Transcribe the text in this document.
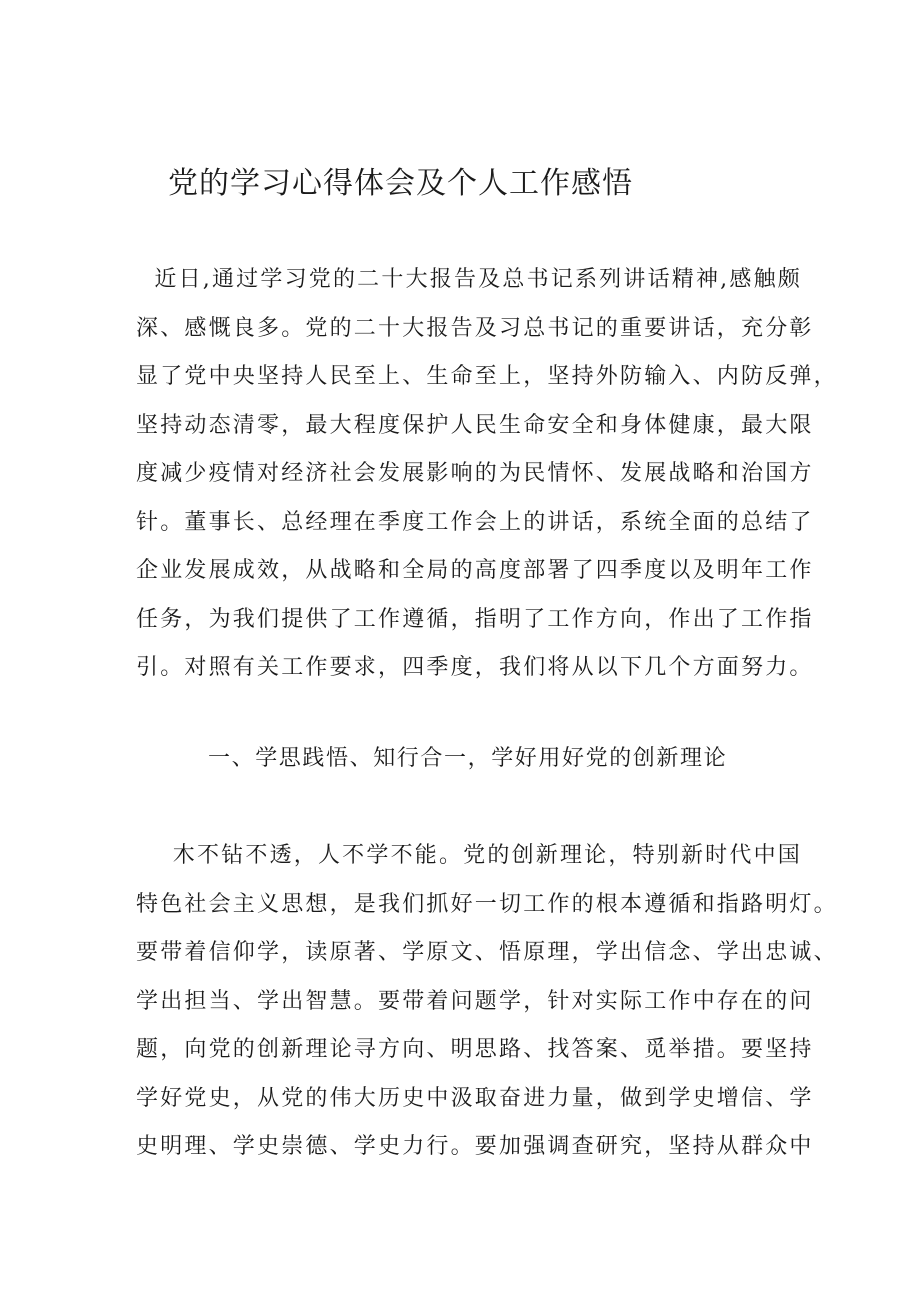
党的学习心得体会及个人工作感悟
近日,通过学习党的二十大报告及总书记系列讲话精神,感触颇
深、感慨良多。党的二十大报告及习总书记的重要讲话，充分彰
显了党中央坚持人民至上、生命至上，坚持外防输入、内防反弹，
坚持动态清零，最大程度保护人民生命安全和身体健康，最大限
度减少疫情对经济社会发展影响的为民情怀、发展战略和治国方
针。董事长、总经理在季度工作会上的讲话，系统全面的总结了
企业发展成效，从战略和全局的高度部署了四季度以及明年工作
任务，为我们提供了工作遵循，指明了工作方向，作出了工作指
引。对照有关工作要求，四季度，我们将从以下几个方面努力。
一、学思践悟、知行合一，学好用好党的创新理论
木不钻不透，人不学不能。党的创新理论，特别新时代中国
特色社会主义思想，是我们抓好一切工作的根本遵循和指路明灯。
要带着信仰学，读原著、学原文、悟原理，学出信念、学出忠诚、
学出担当、学出智慧。要带着问题学，针对实际工作中存在的问
题，向党的创新理论寻方向、明思路、找答案、觅举措。要坚持
学好党史，从党的伟大历史中汲取奋进力量，做到学史增信、学
史明理、学史崇德、学史力行。要加强调查研究，坚持从群众中
